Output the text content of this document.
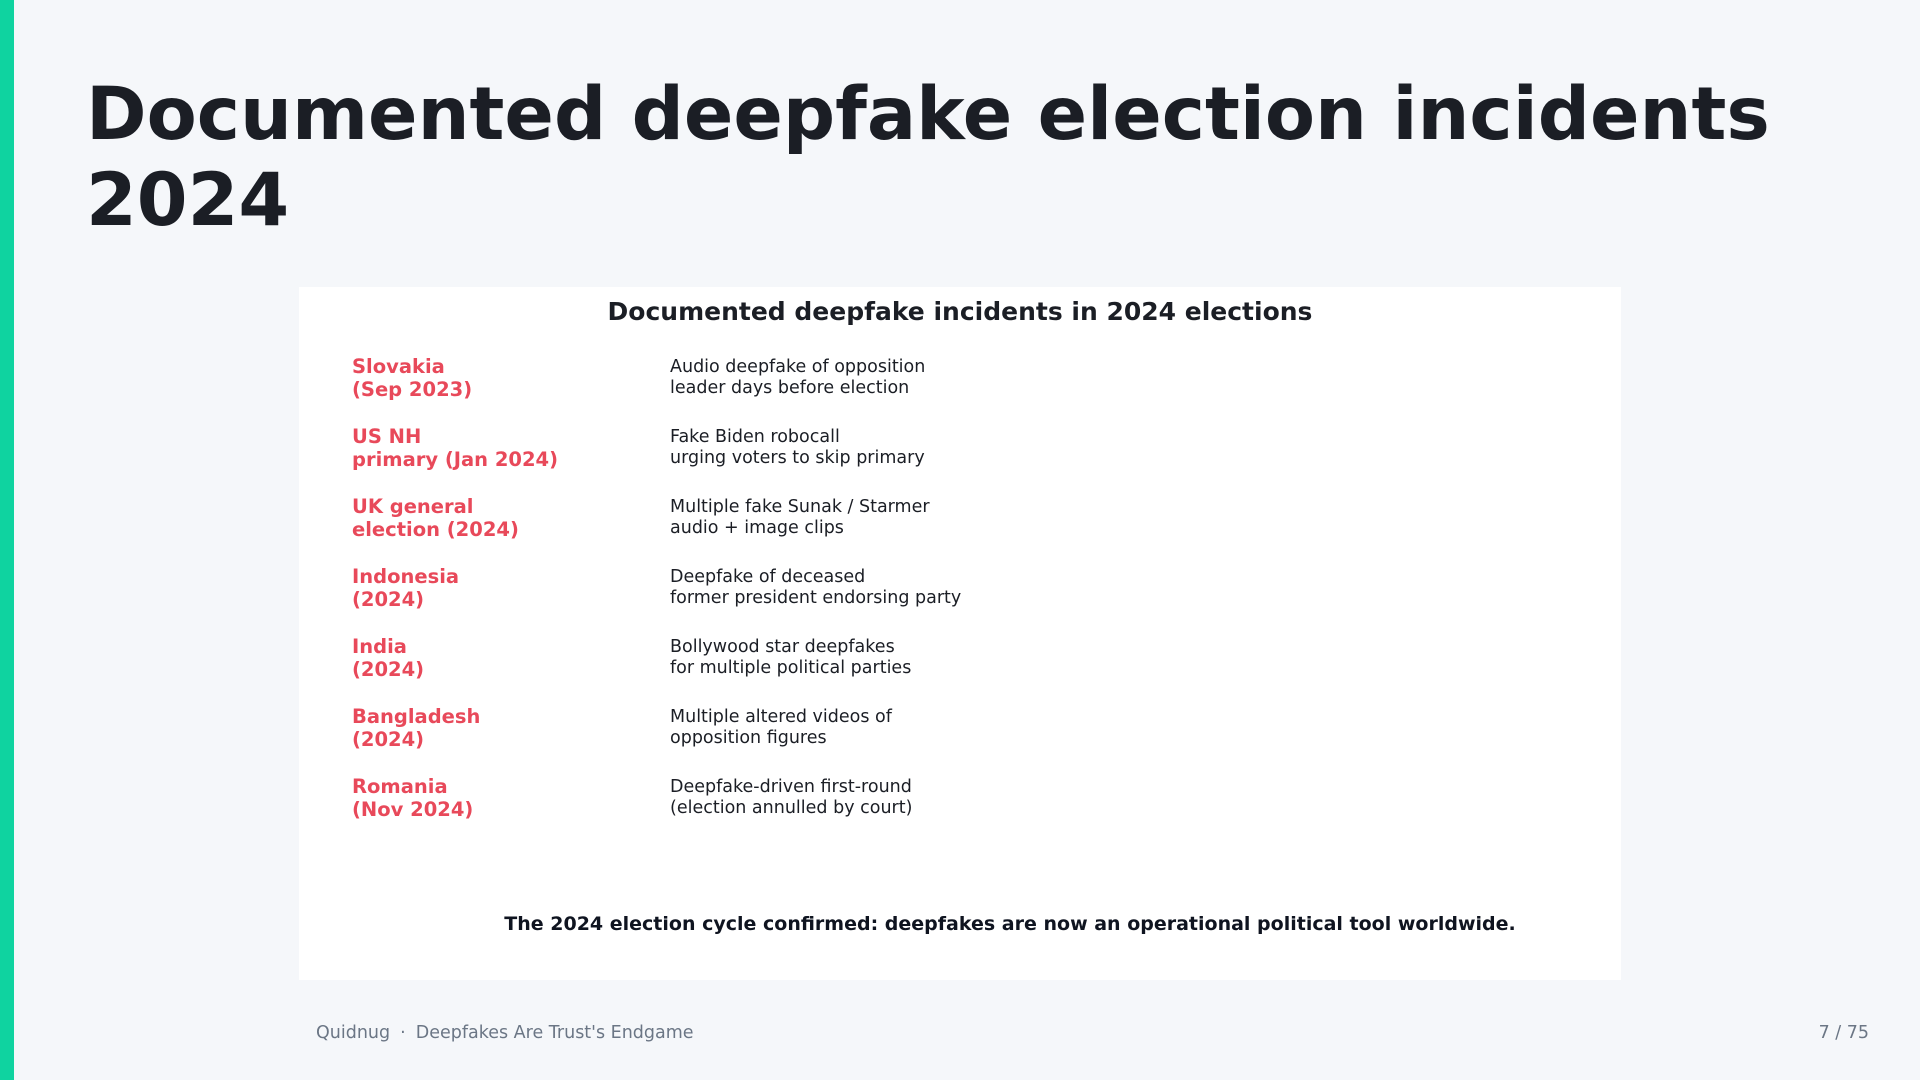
Documented deepfake election incidents 2024
Documented deepfake incidents in 2024 elections
Slovakia
(Sep 2023)
Audio deepfake of opposition
leader days before election
US NH
primary (Jan 2024)
Fake Biden robocall
urging voters to skip primary
UK general
election (2024)
Multiple fake Sunak / Starmer
audio + image clips
Indonesia
(2024)
Deepfake of deceased
former president endorsing party
India
(2024)
Bollywood star deepfakes
for multiple political parties
Bangladesh
(2024)
Multiple altered videos of
opposition figures
Romania
(Nov 2024)
Deepfake-driven first-round
(election annulled by court)
The 2024 election cycle confirmed: deepfakes are now an operational political tool worldwide.
Quidnug · Deepfakes Are Trust's Endgame	7 / 75
